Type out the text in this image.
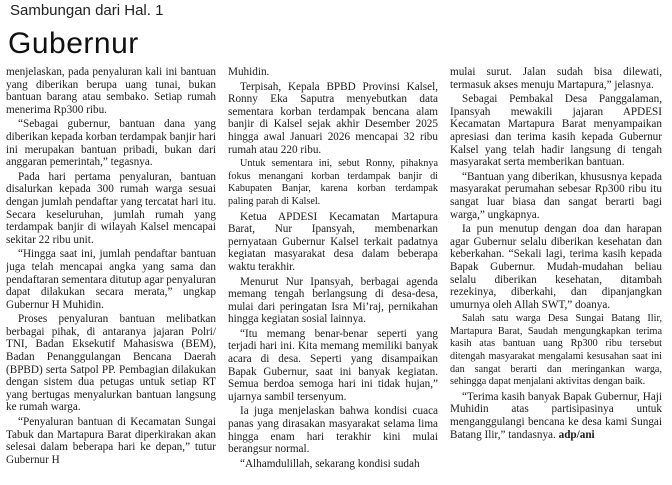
Sambungan dari Hal. 1
Gubernur

menjelaskan, pada penyaluran kali ini bantuan yang diberikan berupa uang tunai, bukan bantuan barang atau sembako. Setiap rumah menerima Rp300 ribu.

“Sebagai gubernur, bantuan dana yang diberikan kepada korban terdampak banjir hari ini merupakan bantuan pribadi, bukan dari anggaran pemerintah,” tegasnya.

Pada hari pertama penyaluran, bantuan disalurkan kepada 300 rumah warga sesuai dengan jumlah pendaftar yang tercatat hari itu. Secara keseluruhan, jumlah rumah yang terdampak banjir di wilayah Kalsel mencapai sekitar 22 ribu unit.

“Hingga saat ini, jumlah pendaftar bantuan juga telah mencapai angka yang sama dan pendaftaran sementara ditutup agar penyaluran dapat dilakukan secara merata,” ungkap Gubernur H Muhidin.

Proses penyaluran bantuan melibatkan berbagai pihak, di antaranya jajaran Polri/ TNI, Badan Eksekutif Mahasiswa (BEM), Badan Penanggulangan Bencana Daerah (BPBD) serta Satpol PP. Pembagian dilakukan dengan sistem dua petugas untuk setiap RT yang bertugas menyalurkan bantuan langsung ke rumah warga.

“Penyaluran bantuan di Kecamatan Sungai Tabuk dan Martapura Barat diperkirakan akan selesai dalam beberapa hari ke depan,” tutur Gubernur H

Muhidin.

Terpisah, Kepala BPBD Provinsi Kalsel, Ronny Eka Saputra menyebutkan data sementara korban terdampak bencana alam banjir di Kalsel sejak akhir Desember 2025 hingga awal Januari 2026 mencapai 32 ribu rumah atau 220 ribu.

Untuk sementara ini, sebut Ronny, pihaknya fokus menangani korban terdampak banjir di Kabupaten Banjar, karena korban terdampak paling parah di Kalsel.

Ketua APDESI Kecamatan Martapura Barat, Nur Ipansyah, membenarkan pernyataan Gubernur Kalsel terkait padatnya kegiatan masyarakat desa dalam beberapa waktu terakhir.

Menurut Nur Ipansyah, berbagai agenda memang tengah berlangsung di desa-desa, mulai dari peringatan Isra Mi’raj, pernikahan hingga kegiatan sosial lainnya.

“Itu memang benar-benar seperti yang terjadi hari ini. Kita memang memiliki banyak acara di desa. Seperti yang disampaikan Bapak Gubernur, saat ini banyak kegiatan. Semua berdoa semoga hari ini tidak hujan,” ujarnya sambil tersenyum.

Ia juga menjelaskan bahwa kondisi cuaca panas yang dirasakan masyarakat selama lima hingga enam hari terakhir kini mulai berangsur normal.

“Alhamdulillah, sekarang kondisi sudah

mulai surut. Jalan sudah bisa dilewati, termasuk akses menuju Martapura,” jelasnya.

Sebagai Pembakal Desa Panggalaman, Ipansyah mewakili jajaran APDESI Kecamatan Martapura Barat menyampaikan apresiasi dan terima kasih kepada Gubernur Kalsel yang telah hadir langsung di tengah masyarakat serta memberikan bantuan.

“Bantuan yang diberikan, khususnya kepada masyarakat perumahan sebesar Rp300 ribu itu sangat luar biasa dan sangat berarti bagi warga,” ungkapnya.

Ia pun menutup dengan doa dan harapan agar Gubernur selalu diberikan kesehatan dan keberkahan. “Sekali lagi, terima kasih kepada Bapak Gubernur. Mudah-mudahan beliau selalu diberikan kesehatan, ditambah rezekinya, diberkahi, dan dipanjangkan umurnya oleh Allah SWT,” doanya.

Salah satu warga Desa Sungai Batang Ilir, Martapura Barat, Saudah mengungkapkan terima kasih atas bantuan uang Rp300 ribu tersebut ditengah masyarakat mengalami kesusahan saat ini dan sangat berarti dan meringankan warga, sehingga dapat menjalani aktivitas dengan baik.

“Terima kasih banyak Bapak Gubernur, Haji Muhidin atas partisipasinya untuk menganggulangi bencana ke desa kami Sungai Batang Ilir,” tandasnya. adp/ani
